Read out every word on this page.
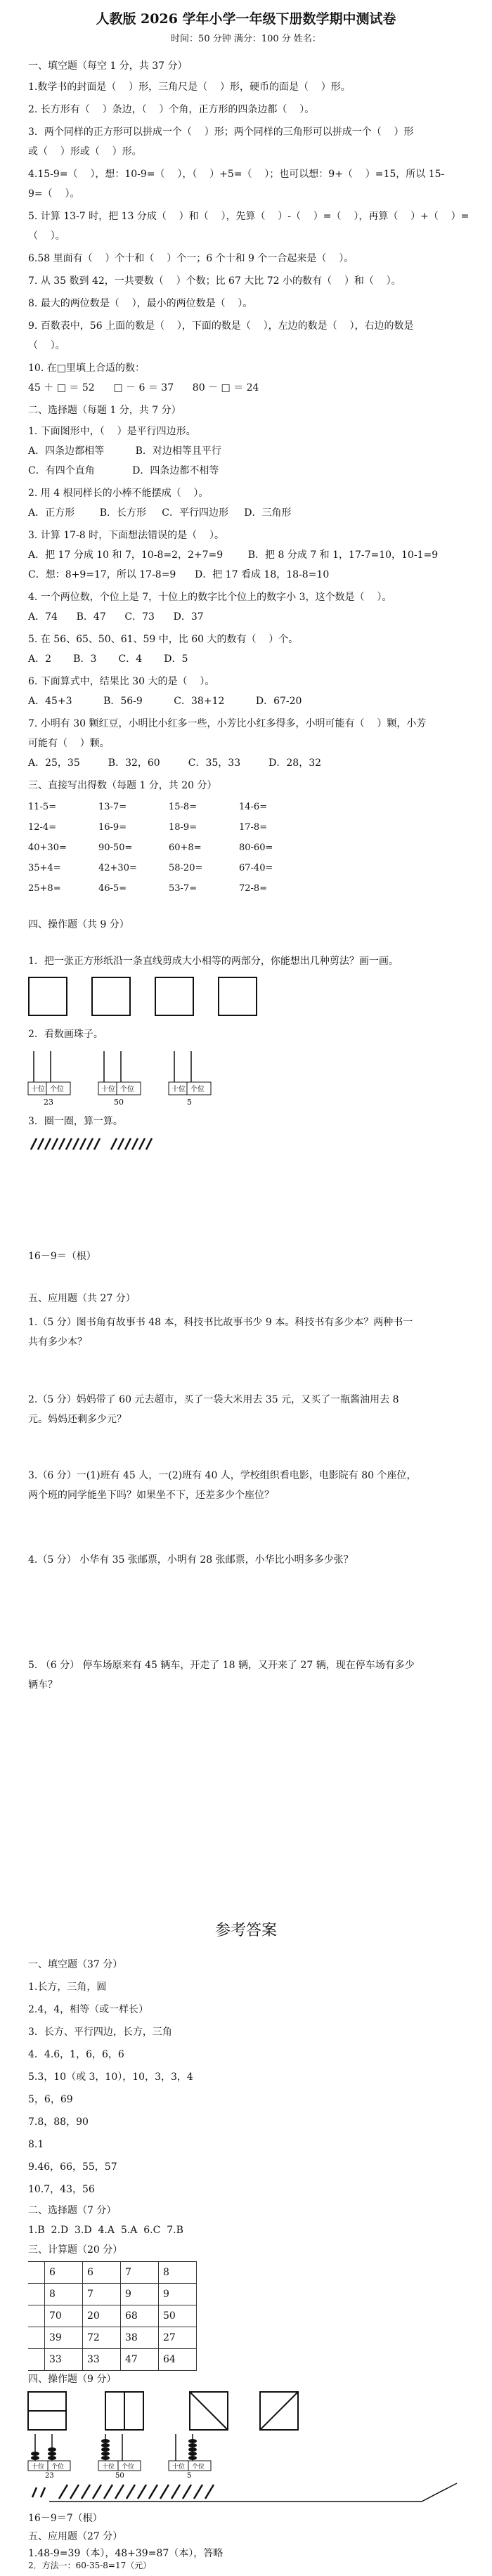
人教版 2026 学年小学一年级下册数学期中测试卷
时间：50 分钟 满分：100 分 姓名：
一、填空题（每空 1 分，共 37 分）
1.数学书的封面是（    ）形，三角尺是（    ）形，硬币的面是（    ）形。
2. 长方形有（    ）条边，（    ）个角，正方形的四条边都（    ）。
3．两个同样的正方形可以拼成一个（    ）形；两个同样的三角形可以拼成一个（    ）形
或（    ）形或（    ）形。
4.15-9=（    ），想：10-9=（    ），（    ）+5=（    ）；也可以想：9+（    ）=15，所以 15-
9=（    ）。
5. 计算 13-7 时，把 13 分成（    ）和（    ），先算（    ）-（    ）=（    ），再算（    ）+（    ）=
（    ）。
6.58 里面有（    ）个十和（    ）个一；6 个十和 9 个一合起来是（    ）。
7. 从 35 数到 42，一共要数（    ）个数；比 67 大比 72 小的数有（    ）和（    ）。
8. 最大的两位数是（    ），最小的两位数是（    ）。
9. 百数表中，56 上面的数是（    ），下面的数是（    ），左边的数是（    ），右边的数是
（    ）。
10. 在□里填上合适的数：
45 ＋ □ ＝ 52      □ － 6 ＝ 37      80 － □ ＝ 24
二、选择题（每题 1 分，共 7 分）
1. 下面图形中，（    ）是平行四边形。
A．四条边都相等          B．对边相等且平行
C．有四个直角            D．四条边都不相等
2. 用 4 根同样长的小棒不能摆成（    ）。
A．正方形        B．长方形     C．平行四边形     D．三角形
3. 计算 17-8 时，下面想法错误的是（    ）。
A．把 17 分成 10 和 7，10-8=2，2+7=9        B．把 8 分成 7 和 1，17-7=10，10-1=9
C．想：8+9=17，所以 17-8=9      D．把 17 看成 18，18-8=10
4. 一个两位数，个位上是 7，十位上的数字比个位上的数字小 3，这个数是（    ）。
A．74      B．47      C．73      D．37
5. 在 56、65、50、61、59 中，比 60 大的数有（    ）个。
A．2       B．3       C．4       D．5
6. 下面算式中，结果比 30 大的是（    ）。
A．45+3          B．56-9          C．38+12          D．67-20
7. 小明有 30 颗红豆，小明比小红多一些，小芳比小红多得多，小明可能有（    ）颗，小芳
可能有（    ）颗。
A．25，35         B．32，60         C．35，33         D．28，32
三、直接写出得数（每题 1 分，共 20 分）
11-5=	13-7=	15-8=	14-6=
12-4=	16-9=	18-9=	17-8=
40+30=	90-50=	60+8=	80-60=
35+4=	42+30=	58-20=	67-40=
25+8=	46-5=	53-7=	72-8=
四、操作题（共 9 分）
1．把一张正方形纸沿一条直线剪成大小相等的两部分，你能想出几种剪法？画一画。
2．看数画珠子。
十位 个位	十位 个位	十位 个位
23	50	5
3．圈一圈，算一算。
16－9＝（根）
五、应用题（共 27 分）
1.（5 分）图书角有故事书 48 本，科技书比故事书少 9 本。科技书有多少本？两种书一
共有多少本？
2.（5 分）妈妈带了 60 元去超市，买了一袋大米用去 35 元，又买了一瓶酱油用去 8
元。妈妈还剩多少元？
3.（6 分）一(1)班有 45 人，一(2)班有 40 人，学校组织看电影，电影院有 80 个座位，
两个班的同学能坐下吗？如果坐不下，还差多少个座位？
4.（5 分） 小华有 35 张邮票，小明有 28 张邮票，小华比小明多多少张？
5. （6 分） 停车场原来有 45 辆车，开走了 18 辆，又开来了 27 辆，现在停车场有多少
辆车？
参考答案
一、填空题（37 分）
1.长方，三角，圆
2.4，4，相等（或一样长）
3．长方、平行四边，长方，三角
4．4.6，1，6，6，6
5.3，10（或 3，10），10，3，3，4
5，6，69
7.8，88，90
8.1
9.46，66，55，57
10.7，43，56
二、选择题（7 分）
1.B  2.D  3.D  4.A  5.A  6.C  7.B
三、计算题（20 分）
	6	6	7	8
	8	7	9	9
	70	20	68	50
	39	72	38	27
	33	33	47	64
四、操作题（9 分）
十位 个位	十位 个位	十位 个位
23	50	5
16－9＝7（根）
五、应用题（27 分）
1.48-9=39（本），48+39=87（本），答略
2．方法一：60-35-8=17（元）
